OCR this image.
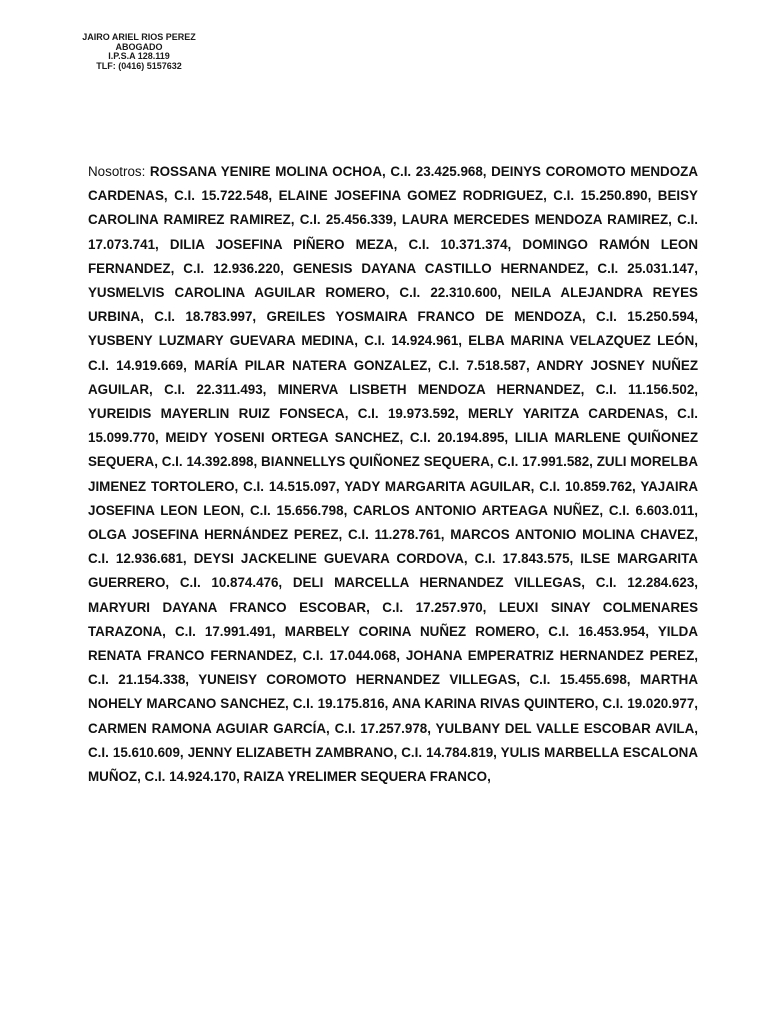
JAIRO ARIEL RIOS PEREZ
ABOGADO
I.P.S.A 128.119
TLF: (0416) 5157632

Nosotros: ROSSANA YENIRE MOLINA OCHOA, C.I. 23.425.968, DEINYS COROMOTO MENDOZA CARDENAS, C.I. 15.722.548, ELAINE JOSEFINA GOMEZ RODRIGUEZ, C.I. 15.250.890, BEISY CAROLINA RAMIREZ RAMIREZ, C.I. 25.456.339, LAURA MERCEDES MENDOZA RAMIREZ, C.I. 17.073.741, DILIA JOSEFINA PIÑERO MEZA, C.I. 10.371.374, DOMINGO RAMÓN LEON FERNANDEZ, C.I. 12.936.220, GENESIS DAYANA CASTILLO HERNANDEZ, C.I. 25.031.147, YUSMELVIS CAROLINA AGUILAR ROMERO, C.I. 22.310.600, NEILA ALEJANDRA REYES URBINA, C.I. 18.783.997, GREILES YOSMAIRA FRANCO DE MENDOZA, C.I. 15.250.594, YUSBENY LUZMARY GUEVARA MEDINA, C.I. 14.924.961, ELBA MARINA VELAZQUEZ LEÓN, C.I. 14.919.669, MARÍA PILAR NATERA GONZALEZ, C.I. 7.518.587, ANDRY JOSNEY NUÑEZ AGUILAR, C.I. 22.311.493, MINERVA LISBETH MENDOZA HERNANDEZ, C.I. 11.156.502, YUREIDIS MAYERLIN RUIZ FONSECA, C.I. 19.973.592, MERLY YARITZA CARDENAS, C.I. 15.099.770, MEIDY YOSENI ORTEGA SANCHEZ, C.I. 20.194.895, LILIA MARLENE QUIÑONEZ SEQUERA, C.I. 14.392.898, BIANNELLYS QUIÑONEZ SEQUERA, C.I. 17.991.582, ZULI MORELBA JIMENEZ TORTOLERO, C.I. 14.515.097, YADY MARGARITA AGUILAR, C.I. 10.859.762, YAJAIRA JOSEFINA LEON LEON, C.I. 15.656.798, CARLOS ANTONIO ARTEAGA NUÑEZ, C.I. 6.603.011, OLGA JOSEFINA HERNÁNDEZ PEREZ, C.I. 11.278.761, MARCOS ANTONIO MOLINA CHAVEZ, C.I. 12.936.681, DEYSI JACKELINE GUEVARA CORDOVA, C.I. 17.843.575, ILSE MARGARITA GUERRERO, C.I. 10.874.476, DELI MARCELLA HERNANDEZ VILLEGAS, C.I. 12.284.623, MARYURI DAYANA FRANCO ESCOBAR, C.I. 17.257.970, LEUXI SINAY COLMENARES TARAZONA, C.I. 17.991.491, MARBELY CORINA NUÑEZ ROMERO, C.I. 16.453.954, YILDA RENATA FRANCO FERNANDEZ, C.I. 17.044.068, JOHANA EMPERATRIZ HERNANDEZ PEREZ, C.I. 21.154.338, YUNEISY COROMOTO HERNANDEZ VILLEGAS, C.I. 15.455.698, MARTHA NOHELY MARCANO SANCHEZ, C.I. 19.175.816, ANA KARINA RIVAS QUINTERO, C.I. 19.020.977, CARMEN RAMONA AGUIAR GARCÍA, C.I. 17.257.978, YULBANY DEL VALLE ESCOBAR AVILA, C.I. 15.610.609, JENNY ELIZABETH ZAMBRANO, C.I. 14.784.819, YULIS MARBELLA ESCALONA MUÑOZ, C.I. 14.924.170, RAIZA YRELIMER SEQUERA FRANCO,
